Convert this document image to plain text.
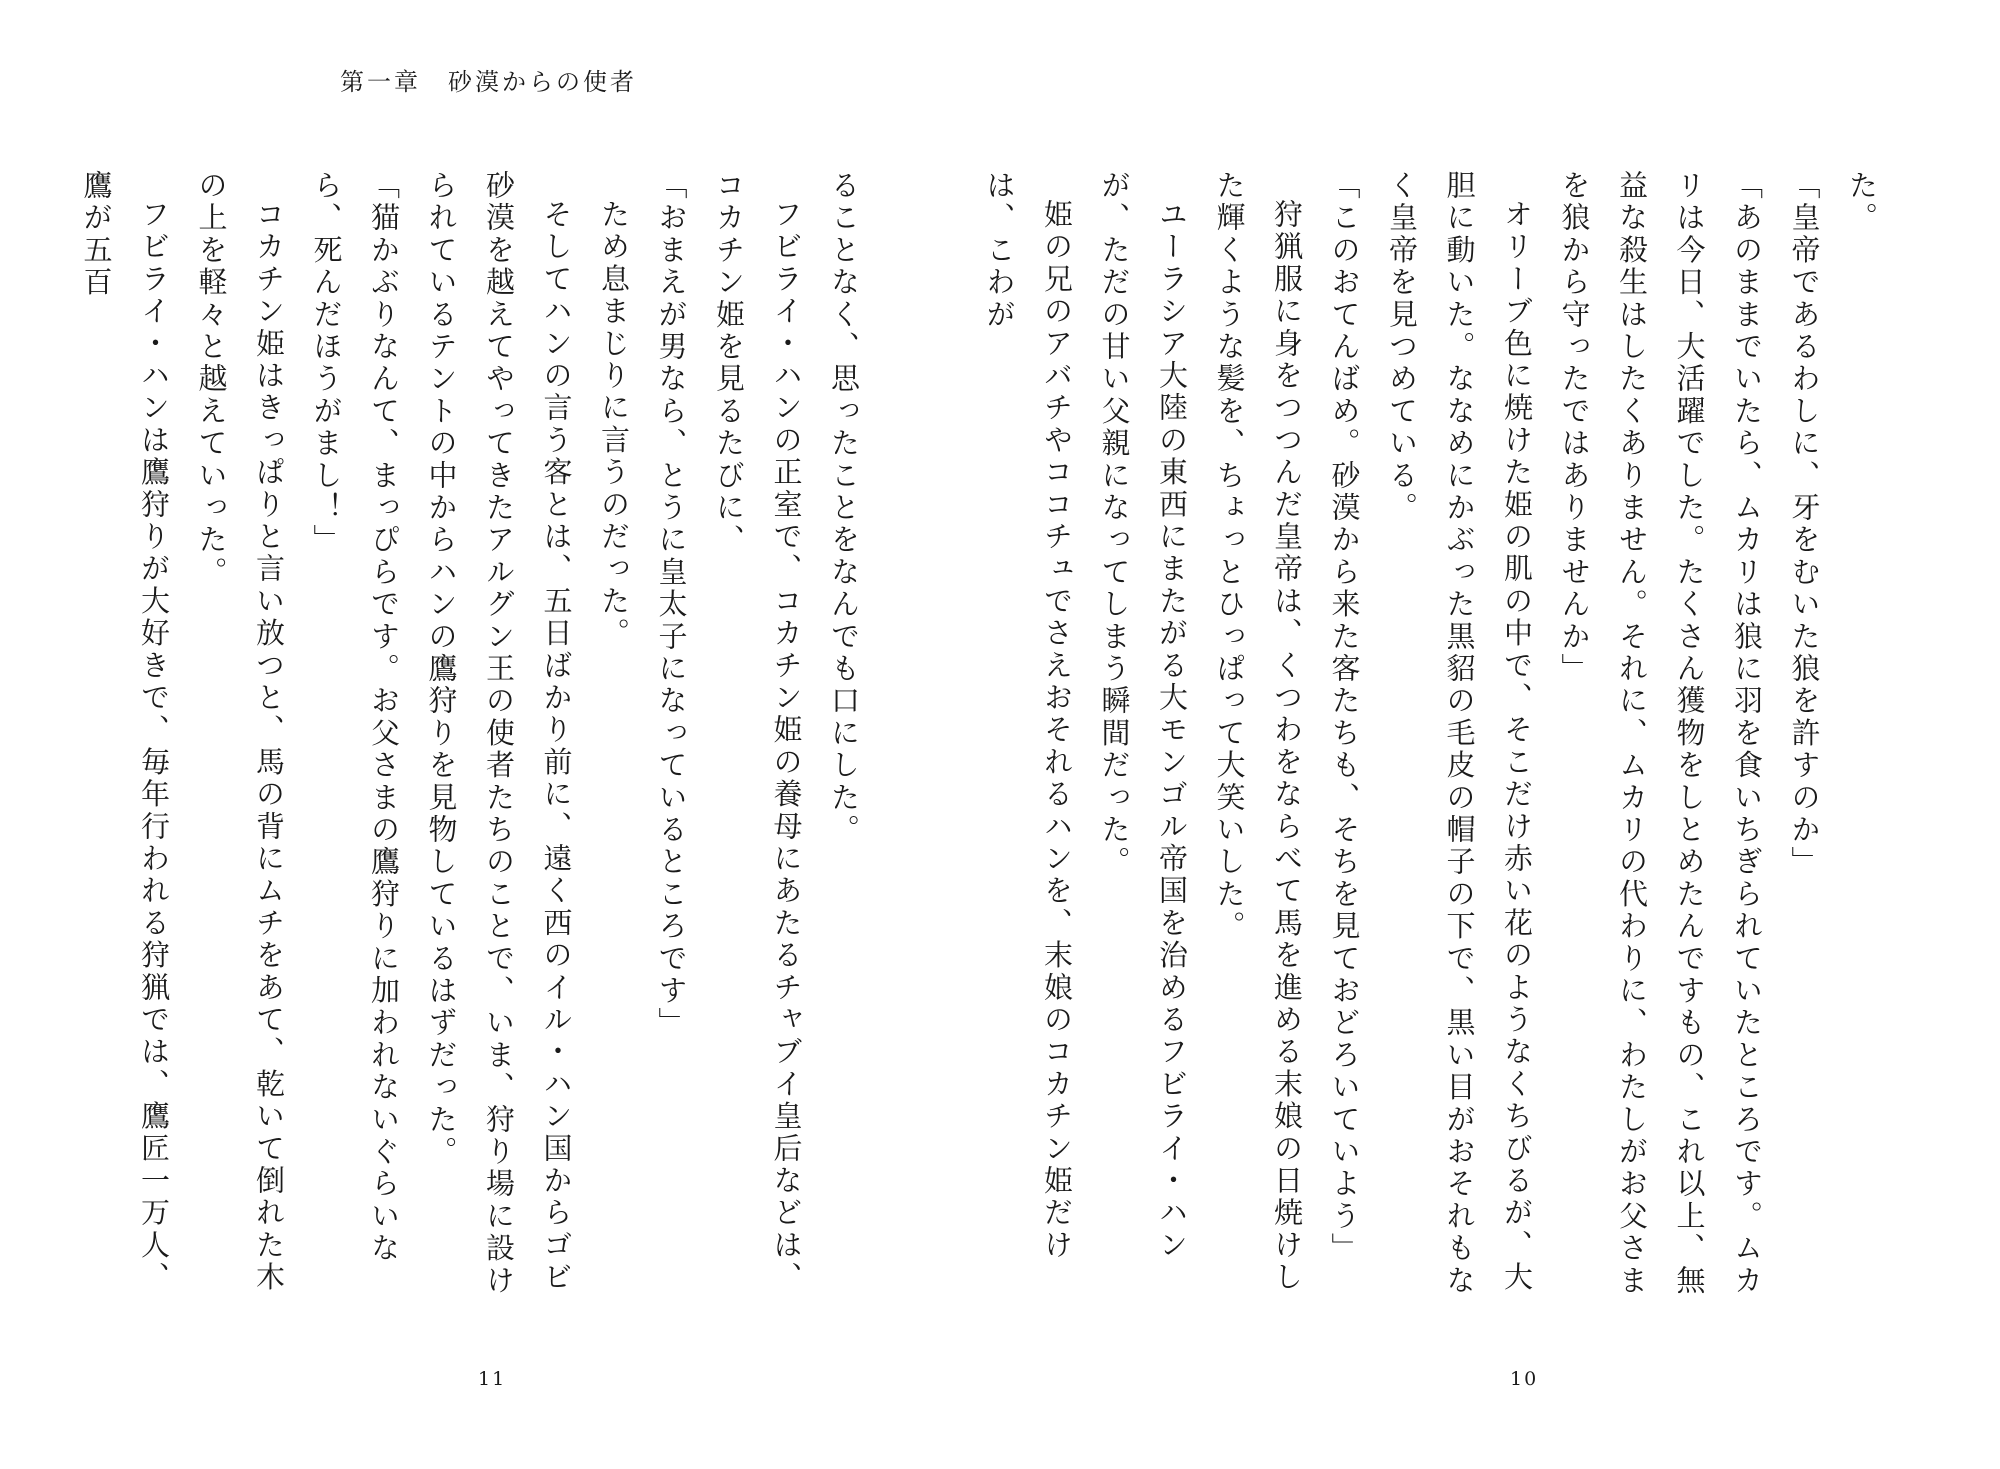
第一章　砂漠からの使者

ることなく、思ったことをなんでも口にした。

フビライ・ハンの正室で、コカチン姫の養母にあたるチャブイ皇后などは、コカチン姫を見るたびに、

「おまえが男なら、とうに皇太子になっているところです」

ため息まじりに言うのだった。

そしてハンの言う客とは、五日ばかり前に、遠く西のイル・ハン国からゴビ砂漠を越えてやってきたアルグン王の使者たちのことで、いま、狩り場に設けられているテントの中からハンの鷹狩りを見物しているはずだった。

「猫かぶりなんて、まっぴらです。お父さまの鷹狩りに加われないぐらいなら、死んだほうがまし！」

コカチン姫はきっぱりと言い放つと、馬の背にムチをあて、乾いて倒れた木の上を軽々と越えていった。

フビライ・ハンは鷹狩りが大好きで、毎年行われる狩猟では、鷹匠一万人、鷹が五百

11

た。

「皇帝であるわしに、牙をむいた狼を許すのか」

「あのままでいたら、ムカリは狼に羽を食いちぎられていたところです。ムカリは今日、大活躍でした。たくさん獲物をしとめたんですもの、これ以上、無益な殺生はしたくありません。それに、ムカリの代わりに、わたしがお父さまを狼から守ったではありませんか」

オリーブ色に焼けた姫の肌の中で、そこだけ赤い花のようなくちびるが、大胆に動いた。ななめにかぶった黒貂の毛皮の帽子の下で、黒い目がおそれもなく皇帝を見つめている。

「このおてんばめ。砂漠から来た客たちも、そちを見ておどろいていよう」

狩猟服に身をつつんだ皇帝は、くつわをならべて馬を進める末娘の日焼けした輝くような髪を、ちょっとひっぱって大笑いした。

ユーラシア大陸の東西にまたがる大モンゴル帝国を治めるフビライ・ハンが、ただの甘い父親になってしまう瞬間だった。

姫の兄のアバチやココチュでさえおそれるハンを、末娘のコカチン姫だけは、こわが

10
